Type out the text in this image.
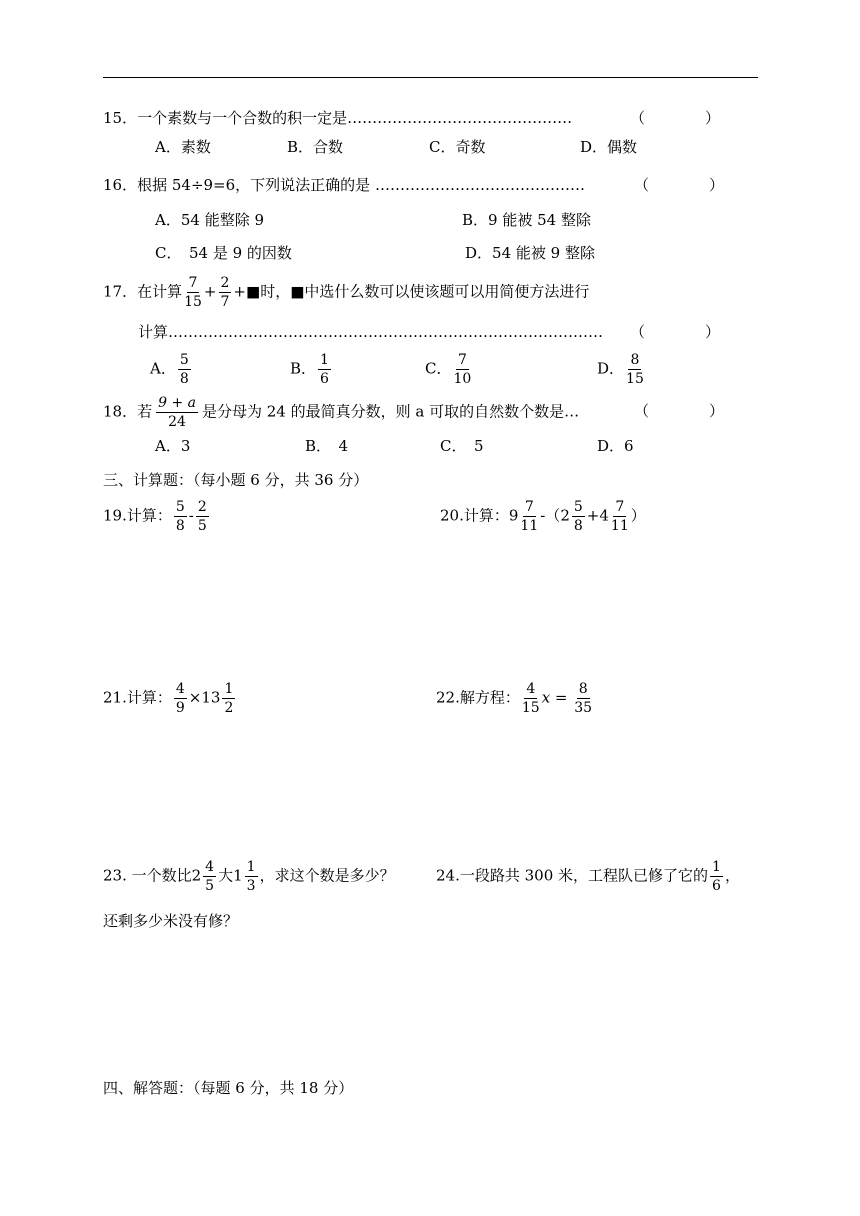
15．一个素数与一个合数的积一定是………………………………………	（　　　　）
A．素数	B．合数	C．奇数	D．偶数
16．根据 54÷9=6，下列说法正确的是 ……………………………………	（　　　　）
A．54 能整除 9	B．9 能被 54 整除
C．　54 是 9 的因数	D．54 能被 9 整除
17．在计算 $\frac{7}{15} + \frac{2}{7}$ +■时，■中选什么数可以使该题可以用简便方法进行
计算…………………………………………………………………………… （　　　　）
A． $\frac{5}{8}$	B． $\frac{1}{6}$	C． $\frac{7}{10}$	D． $\frac{8}{15}$
18．若 $\frac{9 + a}{24}$ 是分母为 24 的最简真分数，则 a 可取的自然数个数是…	（　　　　）
A．3	B．　4	C．　5	D．6
三、计算题：（每小题 6 分，共 36 分）
19.计算： $\frac{5}{8} - \frac{2}{5}$	20.计算：$9 \frac{7}{11} -(2 \frac{5}{8} +4 \frac{7}{11}$ ）
21.计算： $\frac{4}{9} \times 13 \frac{1}{2}$	22.解方程： $\frac{4}{15}$ $x = \frac{8}{35}$
23. 一个数比$2 \frac{4}{5}$ 大$1 \frac{1}{3}$ ，求这个数是多少？	24.一段路共 300 米，工程队已修了它的 $\frac{1}{6}$ ，
还剩多少米没有修？
四、解答题：（每题 6 分，共 18 分）
